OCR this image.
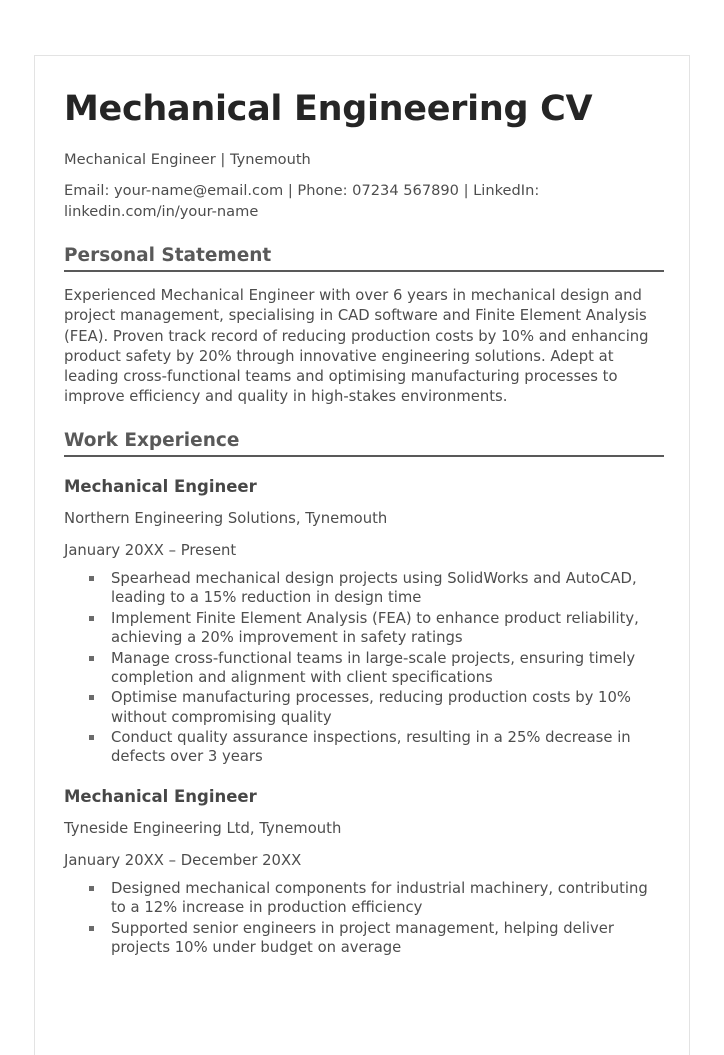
Mechanical Engineering CV

Mechanical Engineer | Tynemouth

Email: your-name@email.com | Phone: 07234 567890 | LinkedIn: linkedin.com/in/your-name

Personal Statement

Experienced Mechanical Engineer with over 6 years in mechanical design and project management, specialising in CAD software and Finite Element Analysis (FEA). Proven track record of reducing production costs by 10% and enhancing product safety by 20% through innovative engineering solutions. Adept at leading cross-functional teams and optimising manufacturing processes to improve efficiency and quality in high-stakes environments.

Work Experience
Mechanical Engineer

Northern Engineering Solutions, Tynemouth

January 20XX – Present

Spearhead mechanical design projects using SolidWorks and AutoCAD, leading to a 15% reduction in design time
Implement Finite Element Analysis (FEA) to enhance product reliability, achieving a 20% improvement in safety ratings
Manage cross-functional teams in large-scale projects, ensuring timely completion and alignment with client specifications
Optimise manufacturing processes, reducing production costs by 10% without compromising quality
Conduct quality assurance inspections, resulting in a 25% decrease in defects over 3 years
Mechanical Engineer

Tyneside Engineering Ltd, Tynemouth

January 20XX – December 20XX

Designed mechanical components for industrial machinery, contributing to a 12% increase in production efficiency
Supported senior engineers in project management, helping deliver projects 10% under budget on average
